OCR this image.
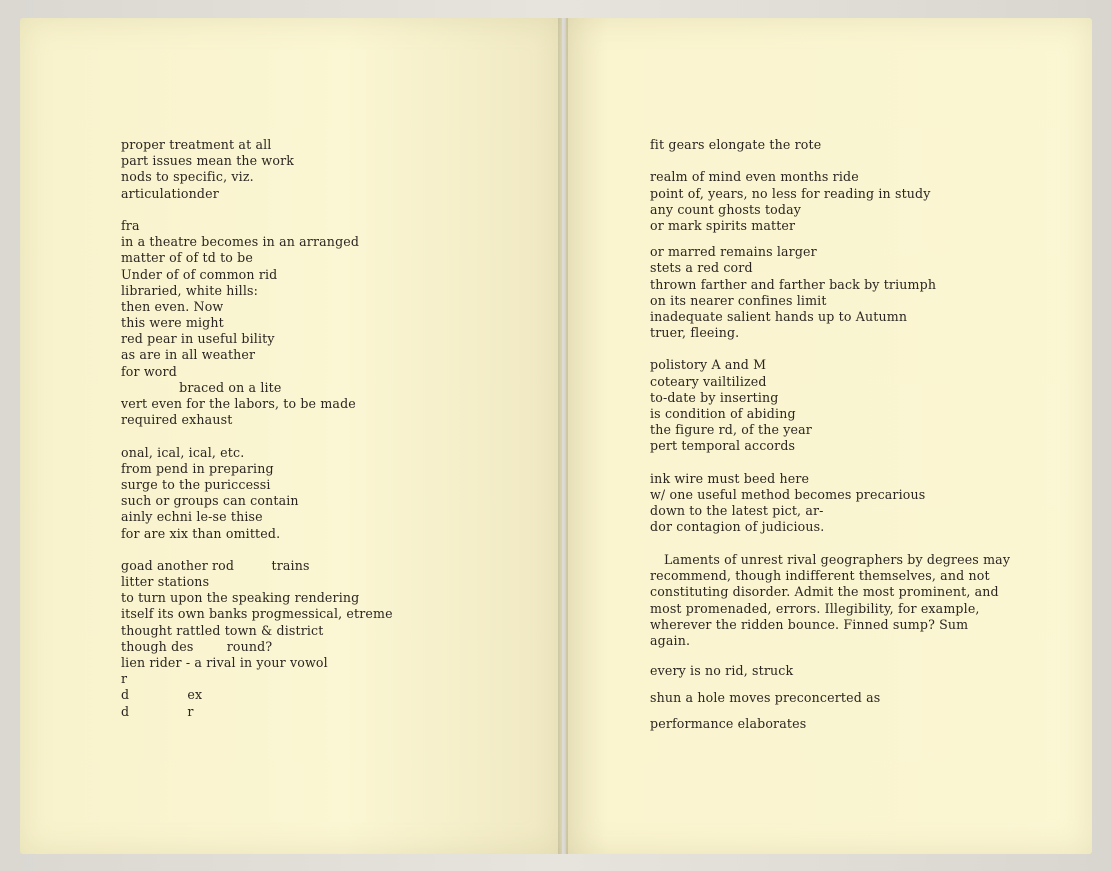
proper treatment at all
part issues mean the work
nods to specific, viz.
articulationder
fra
in a theatre becomes in an arranged
matter of of td to be
Under of of common rid
libraried, white hills:
then even. Now
this were might
red pear in useful bility
as are in all weather
for word
braced on a lite
vert even for the labors, to be made
required exhaust
onal, ical, ical, etc.
from pend in preparing
surge to the puriccessi
such or groups can contain
ainly echni le-se thise
for are xix than omitted.
goad another rod         trains
litter stations
to turn upon the speaking rendering
itself its own banks progmessical, etreme
thought rattled town & district
though des        round?
lien rider - a rival in your vowol
r
d              ex
d              r
fit gears elongate the rote
realm of mind even months ride
point of, years, no less for reading in study
any count ghosts today
or mark spirits matter
or marred remains larger
stets a red cord
thrown farther and farther back by triumph
on its nearer confines limit
inadequate salient hands up to Autumn
truer, fleeing.
polistory A and M
coteary vailtilized
to-date by inserting
is condition of abiding
the figure rd, of the year
pert temporal accords
ink wire must beed here
w/ one useful method becomes precarious
down to the latest pict, ar-
dor contagion of judicious.
Laments of unrest rival geographers by degrees may recommend, though indifferent themselves, and not constituting disorder. Admit the most prominent, and most promenaded, errors. Illegibility, for example, wherever the ridden bounce. Finned sump? Sum again.
every is no rid, struck
shun a hole moves preconcerted as
performance elaborates
